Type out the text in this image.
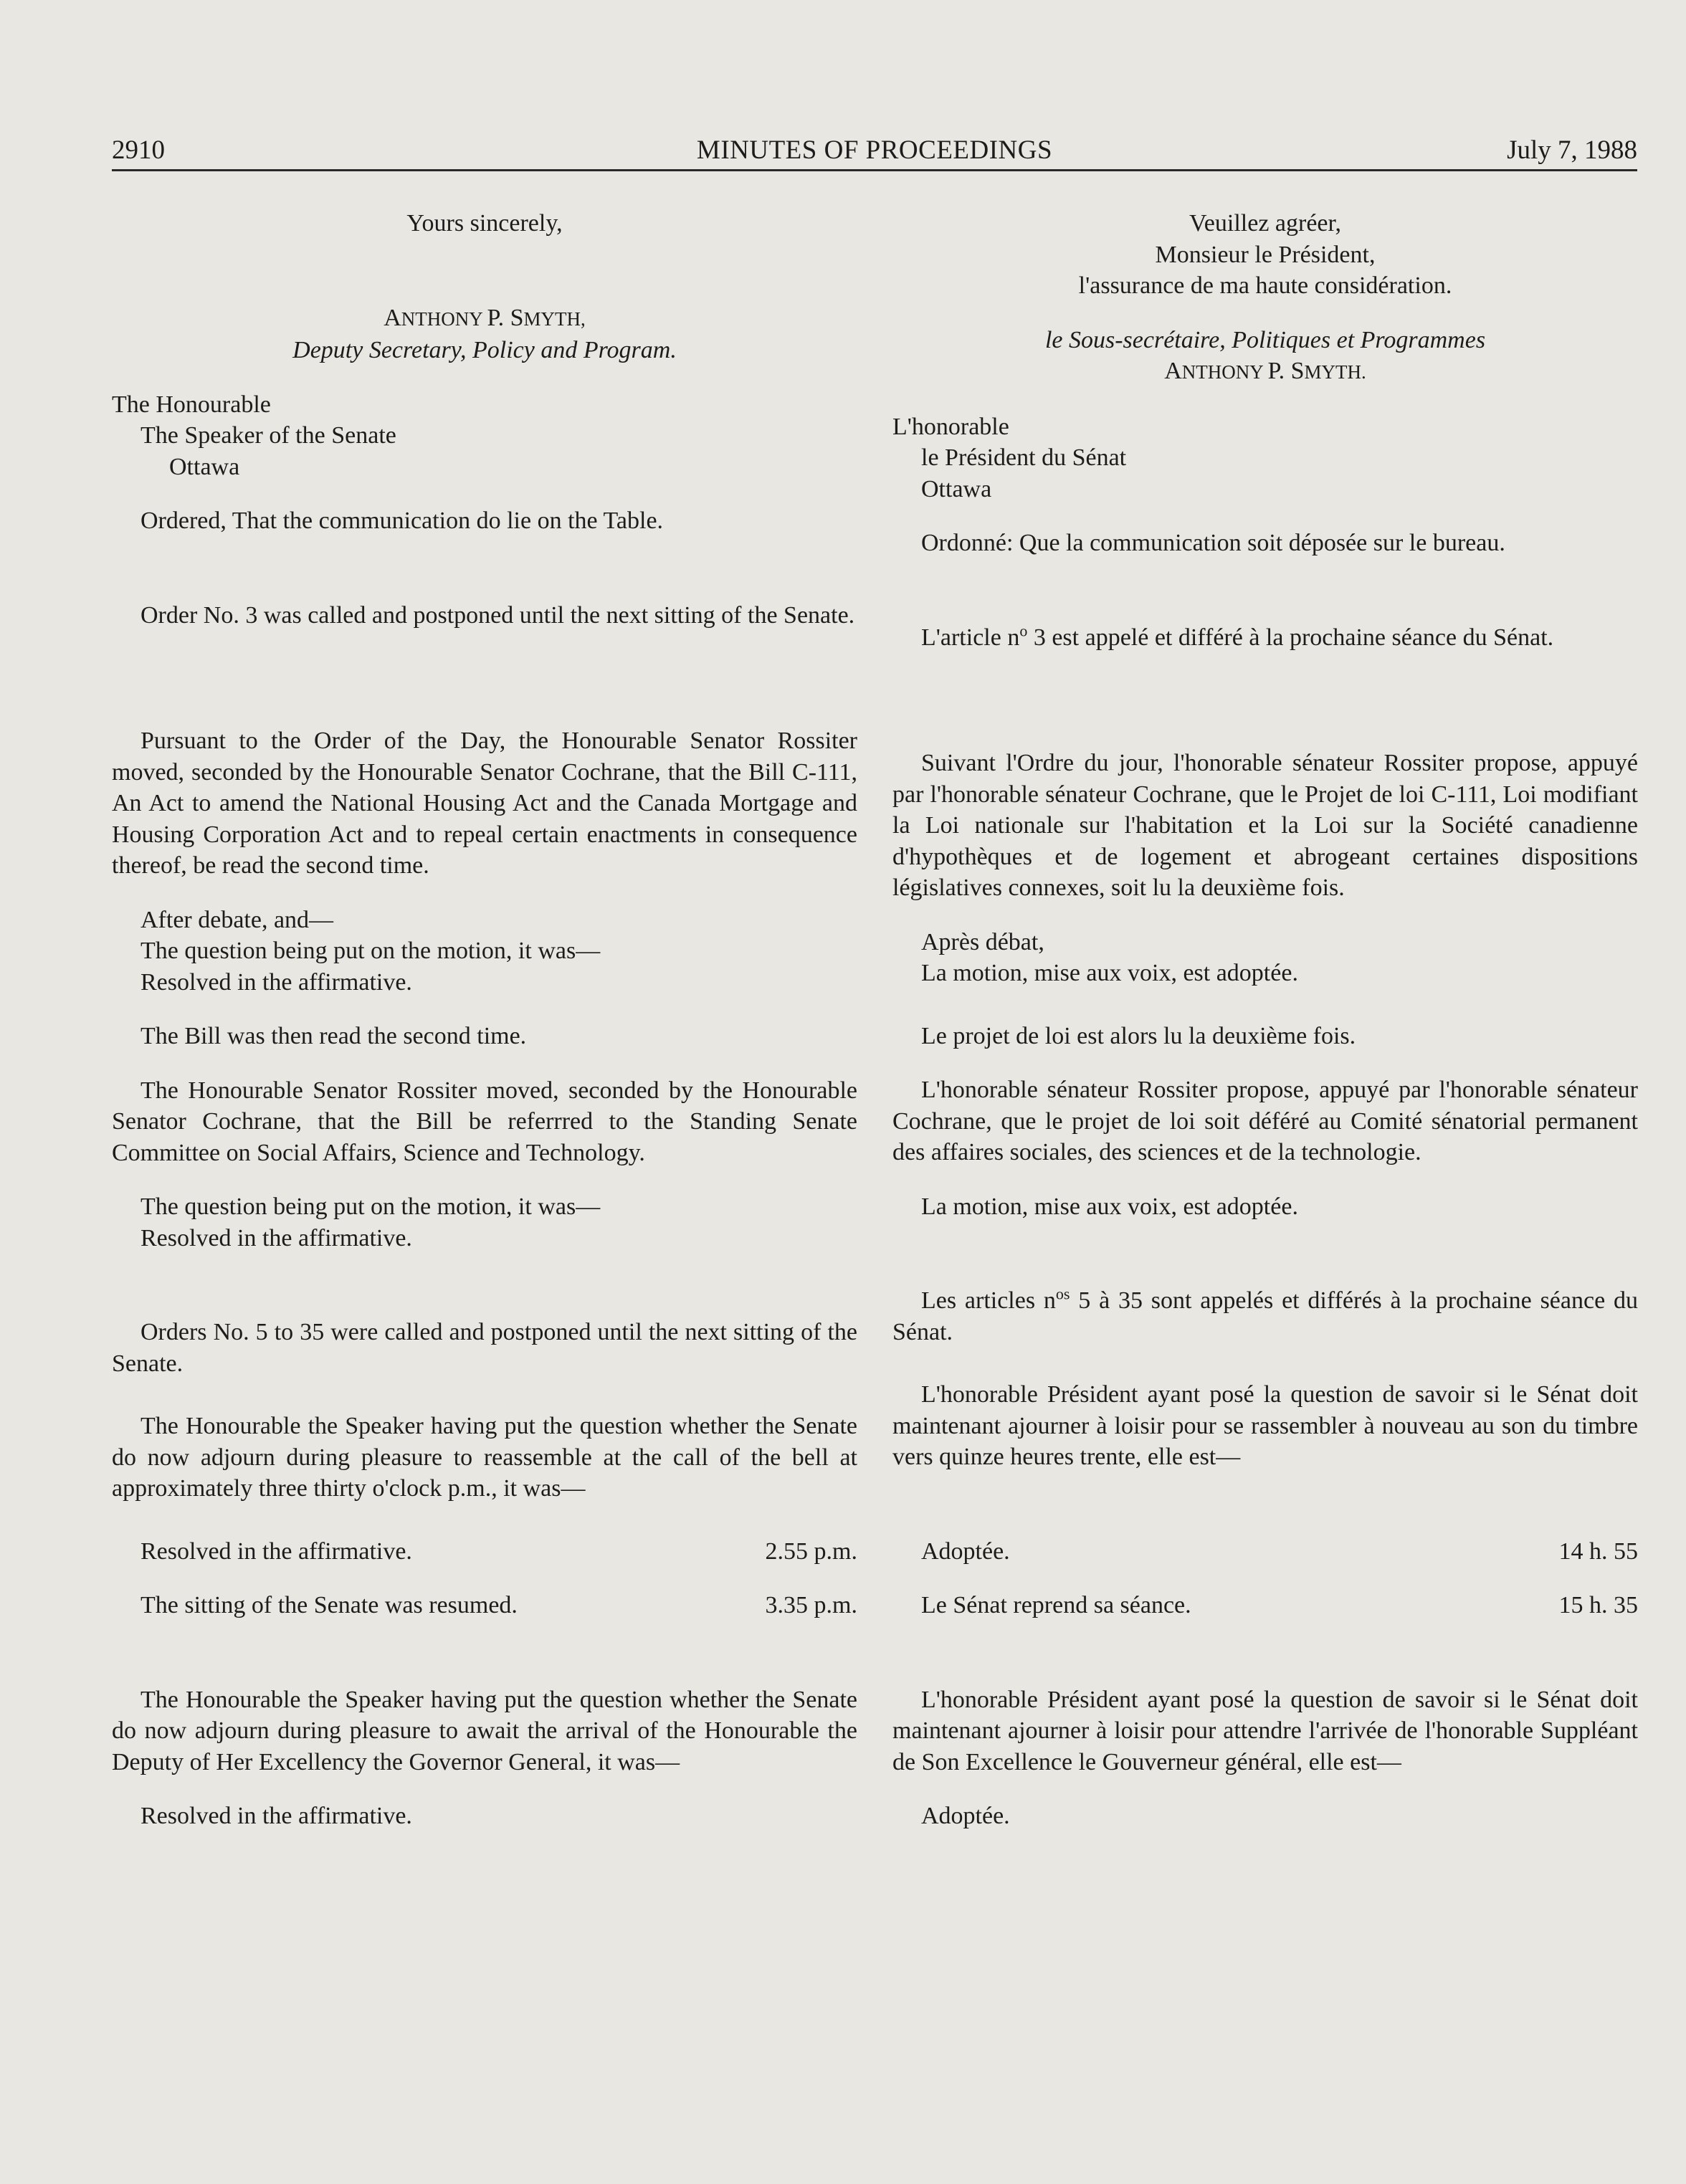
2910	MINUTES OF PROCEEDINGS	July 7, 1988

Yours sincerely,

ANTHONY P. SMYTH,

Deputy Secretary, Policy and Program.

The Honourable

The Speaker of the Senate

Ottawa

Ordered, That the communication do lie on the Table.

Order No. 3 was called and postponed until the next sitting of the Senate.

Pursuant to the Order of the Day, the Honourable Senator Rossiter moved, seconded by the Honourable Senator Cochrane, that the Bill C-111, An Act to amend the National Housing Act and the Canada Mortgage and Housing Corporation Act and to repeal certain enactments in consequence thereof, be read the second time.

After debate, and—

The question being put on the motion, it was—

Resolved in the affirmative.

The Bill was then read the second time.

The Honourable Senator Rossiter moved, seconded by the Honourable Senator Cochrane, that the Bill be referrred to the Standing Senate Committee on Social Affairs, Science and Technology.

The question being put on the motion, it was—

Resolved in the affirmative.

Orders No. 5 to 35 were called and postponed until the next sitting of the Senate.

The Honourable the Speaker having put the question whether the Senate do now adjourn during pleasure to reassemble at the call of the bell at approximately three thirty o'clock p.m., it was—

Resolved in the affirmative.	2.55 p.m.
The sitting of the Senate was resumed.	3.35 p.m.

The Honourable the Speaker having put the question whether the Senate do now adjourn during pleasure to await the arrival of the Honourable the Deputy of Her Excellency the Governor General, it was—

Resolved in the affirmative.

Veuillez agréer,

Monsieur le Président,

l'assurance de ma haute considération.

le Sous-secrétaire, Politiques et Programmes

ANTHONY P. SMYTH.

L'honorable

le Président du Sénat

Ottawa

Ordonné: Que la communication soit déposée sur le bureau.

L'article $n^o$ 3 est appelé et différé à la prochaine séance du Sénat.

Suivant l'Ordre du jour, l'honorable sénateur Rossiter propose, appuyé par l'honorable sénateur Cochrane, que le Projet de loi C-111, Loi modifiant la Loi nationale sur l'habitation et la Loi sur la Société canadienne d'hypothèques et de logement et abrogeant certaines dispositions législatives connexes, soit lu la deuxième fois.

Après débat,

La motion, mise aux voix, est adoptée.

Le projet de loi est alors lu la deuxième fois.

L'honorable sénateur Rossiter propose, appuyé par l'honorable sénateur Cochrane, que le projet de loi soit déféré au Comité sénatorial permanent des affaires sociales, des sciences et de la technologie.

La motion, mise aux voix, est adoptée.

Les articles $n^{os}$ 5 à 35 sont appelés et différés à la prochaine séance du Sénat.

L'honorable Président ayant posé la question de savoir si le Sénat doit maintenant ajourner à loisir pour se rassembler à nouveau au son du timbre vers quinze heures trente, elle est—

Adoptée.	14 h. 55
Le Sénat reprend sa séance.	15 h. 35

L'honorable Président ayant posé la question de savoir si le Sénat doit maintenant ajourner à loisir pour attendre l'arrivée de l'honorable Suppléant de Son Excellence le Gouverneur général, elle est—

Adoptée.
